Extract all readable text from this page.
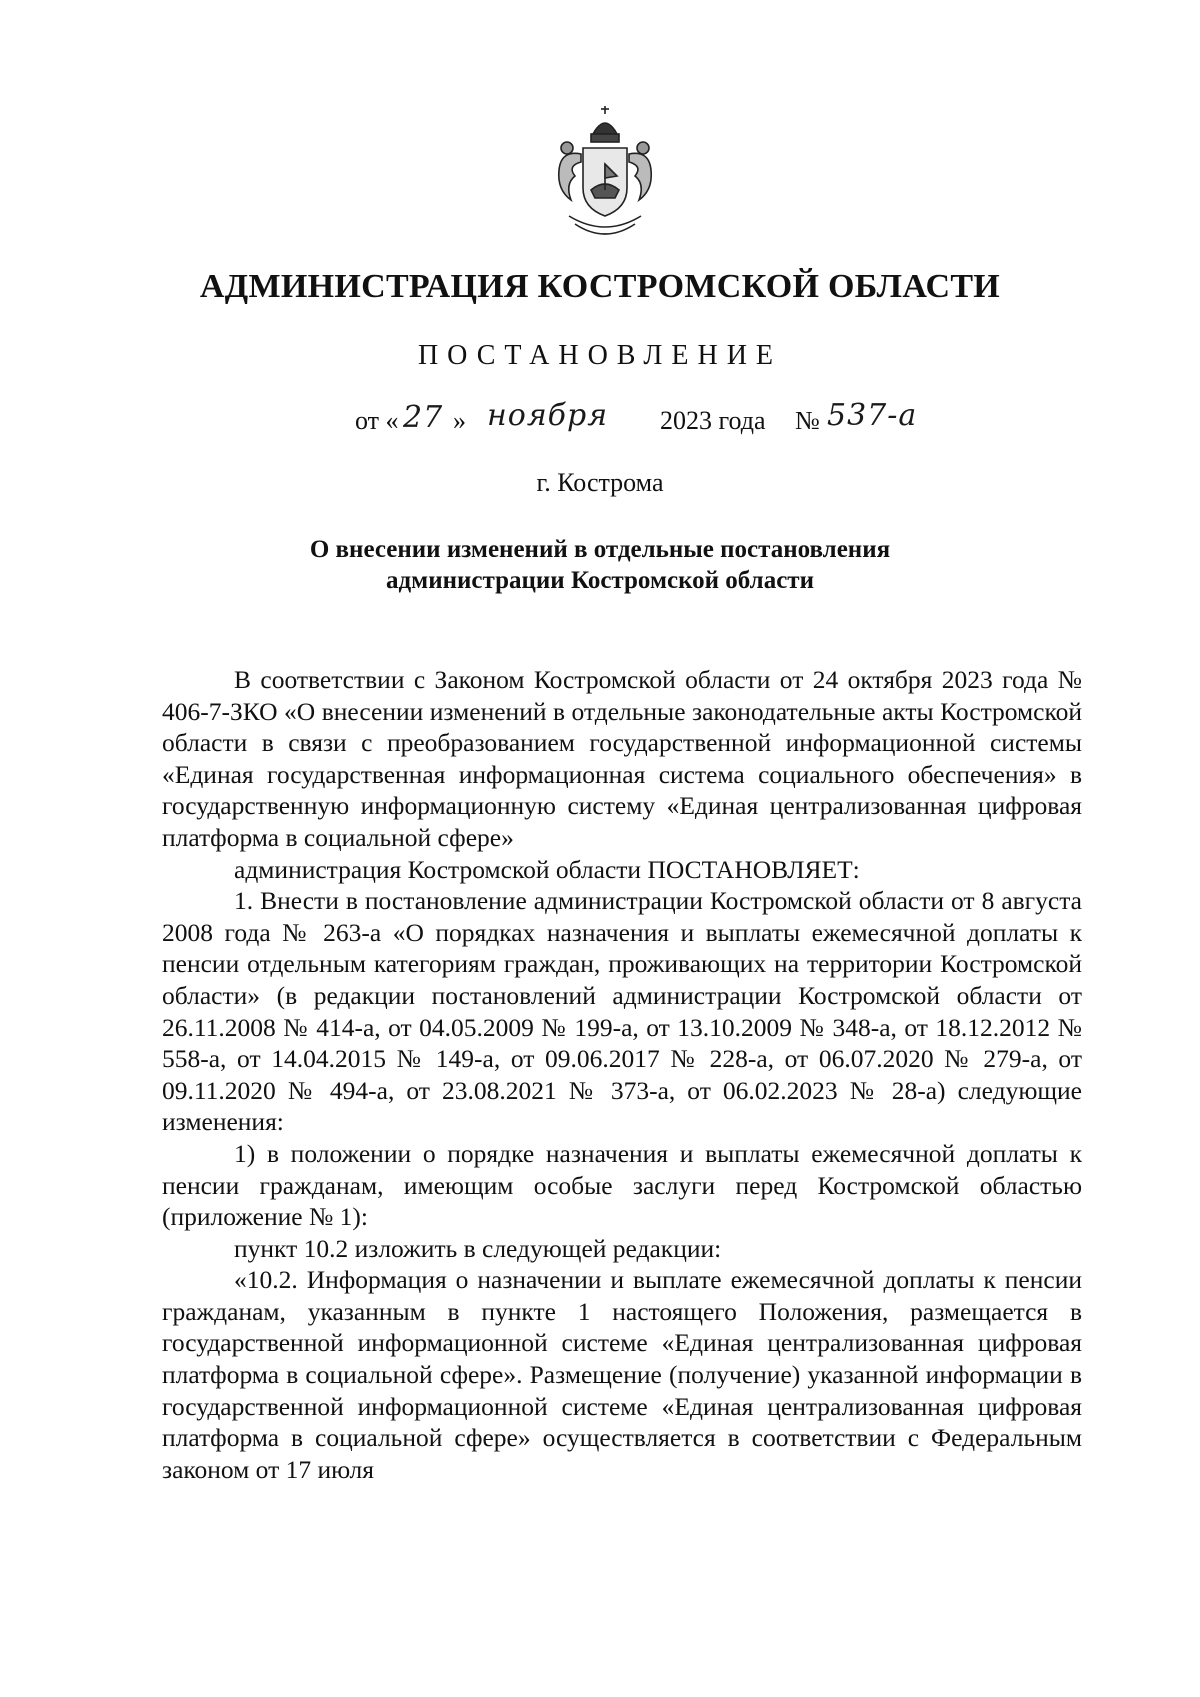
АДМИНИСТРАЦИЯ КОСТРОМСКОЙ ОБЛАСТИ
ПОСТАНОВЛЕНИЕ
от « 27 » ноября 2023 года № 537-а
г. Кострома
О внесении изменений в отдельные постановления
администрации Костромской области

В соответствии с Законом Костромской области от 24 октября 2023 года № 406-7-ЗКО «О внесении изменений в отдельные законодательные акты Костромской области в связи с преобразованием государственной информационной системы «Единая государственная информационная система социального обеспечения» в государственную информационную систему «Единая централизованная цифровая платформа в социальной сфере»

администрация Костромской области ПОСТАНОВЛЯЕТ:

1. Внести в постановление администрации Костромской области от 8 августа 2008 года № 263-а «О порядках назначения и выплаты ежемесячной доплаты к пенсии отдельным категориям граждан, проживающих на территории Костромской области» (в редакции постановлений администрации Костромской области от 26.11.2008 № 414-а, от 04.05.2009 № 199-а, от 13.10.2009 № 348-а, от 18.12.2012 № 558-а, от 14.04.2015 № 149-а, от 09.06.2017 № 228-а, от 06.07.2020 № 279-а, от 09.11.2020 № 494-а, от 23.08.2021 № 373-а, от 06.02.2023 № 28-а) следующие изменения:

1) в положении о порядке назначения и выплаты ежемесячной доплаты к пенсии гражданам, имеющим особые заслуги перед Костромской областью (приложение № 1):

пункт 10.2 изложить в следующей редакции:

«10.2. Информация о назначении и выплате ежемесячной доплаты к пенсии гражданам, указанным в пункте 1 настоящего Положения, размещается в государственной информационной системе «Единая централизованная цифровая платформа в социальной сфере». Размещение (получение) указанной информации в государственной информационной системе «Единая централизованная цифровая платформа в социальной сфере» осуществляется в соответствии с Федеральным законом от 17 июля
